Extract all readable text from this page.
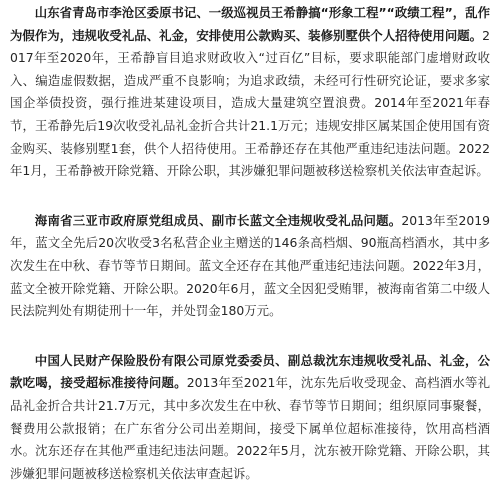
山东省青岛市李沧区委原书记、一级巡视员王希静搞“形象工程”“政绩工程”，乱作为假作为，违规收受礼品、礼金，安排使用公款购买、装修别墅供个人招待使用问题。2017年至2020年，王希静盲目追求财政收入“过百亿”目标，要求职能部门虚增财政收入、编造虚假数据，造成严重不良影响；为追求政绩，未经可行性研究论证，要求多家国企举债投资，强行推进某建设项目，造成大量建筑空置浪费。2014年至2021年春节，王希静先后19次收受礼品礼金折合共计21.1万元；违规安排区属某国企使用国有资金购买、装修别墅1套，供个人招待使用。王希静还存在其他严重违纪违法问题。2022年1月，王希静被开除党籍、开除公职，其涉嫌犯罪问题被移送检察机关依法审查起诉。

海南省三亚市政府原党组成员、副市长蓝文全违规收受礼品问题。2013年至2019年，蓝文全先后20次收受3名私营企业主赠送的146条高档烟、90瓶高档酒水，其中多次发生在中秋、春节等节日期间。蓝文全还存在其他严重违纪违法问题。2022年3月，蓝文全被开除党籍、开除公职。2020年6月，蓝文全因犯受贿罪，被海南省第二中级人民法院判处有期徒刑十一年，并处罚金180万元。

中国人民财产保险股份有限公司原党委委员、副总裁沈东违规收受礼品、礼金，公款吃喝，接受超标准接待问题。2013年至2021年，沈东先后收受现金、高档酒水等礼品礼金折合共计21.7万元，其中多次发生在中秋、春节等节日期间；组织原同事聚餐，餐费用公款报销；在广东省分公司出差期间，接受下属单位超标准接待，饮用高档酒水。沈东还存在其他严重违纪违法问题。2022年5月，沈东被开除党籍、开除公职，其涉嫌犯罪问题被移送检察机关依法审查起诉。
